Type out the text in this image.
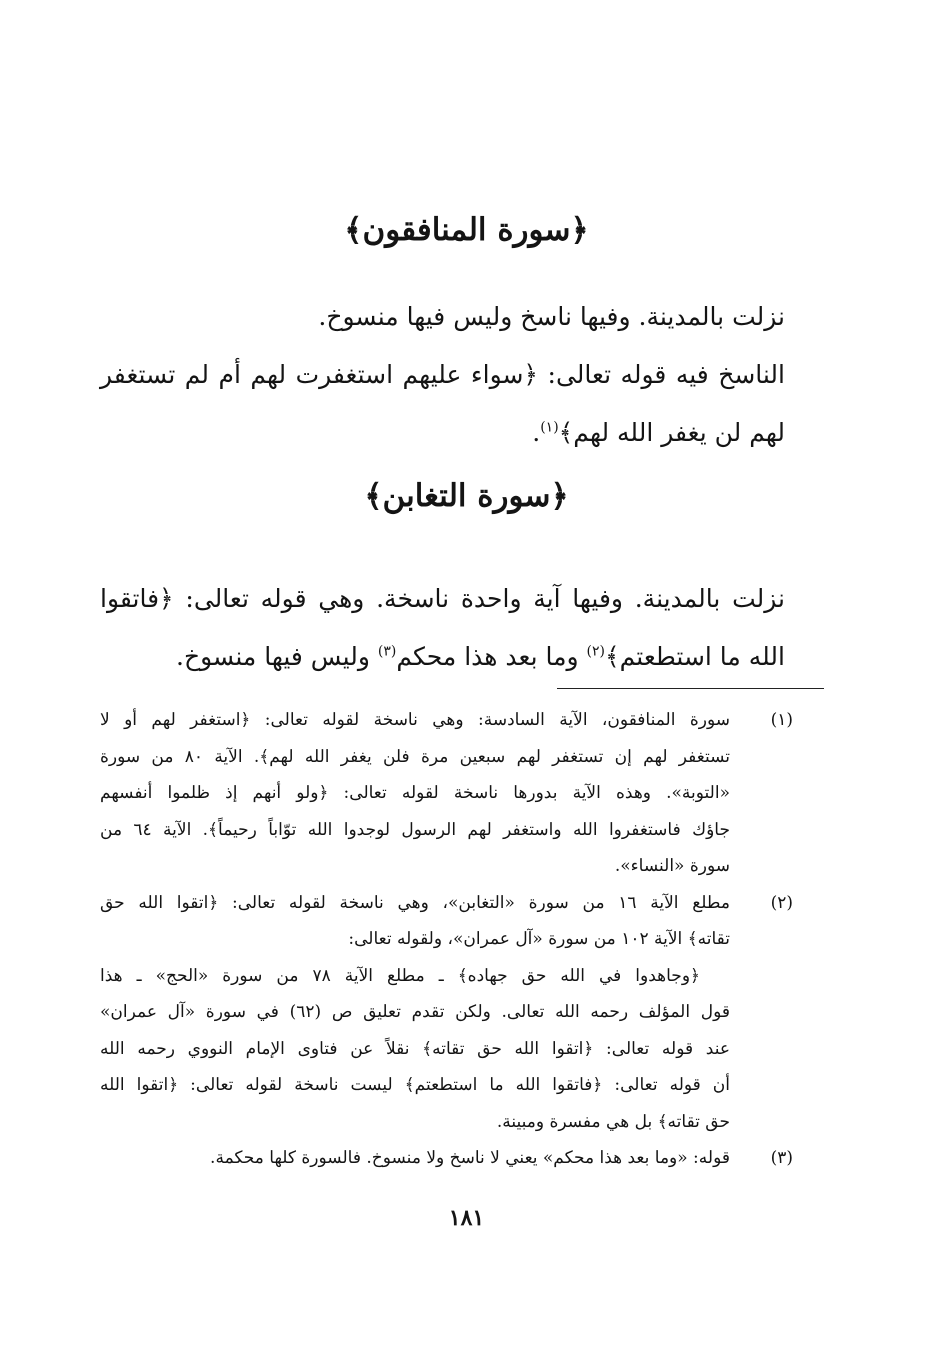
﴿سورة المنافقون﴾

نزلت بالمدينة. وفيها ناسخ وليس فيها منسوخ.

الناسخ فيه قوله تعالى: ﴿سواء عليهم استغفرت لهم أم لم تستغفر

لهم لن يغفر الله لهم﴾$^{(١)}$.

﴿سورة التغابن﴾

نزلت بالمدينة. وفيها آية واحدة ناسخة. وهي قوله تعالى: ﴿فاتقوا

الله ما استطعتم﴾$^{(٢)}$ وما بعد هذا محكم$^{(٣)}$ وليس فيها منسوخ.

(١)
سورة المنافقون، الآية السادسة: وهي ناسخة لقوله تعالى: ﴿استغفر لهم أو لا
تستغفر لهم إن تستغفر لهم سبعين مرة فلن يغفر الله لهم﴾. الآية ٨٠ من سورة
«التوبة». وهذه الآية بدورها ناسخة لقوله تعالى: ﴿ولو أنهم إذ ظلموا أنفسهم
جاؤك فاستغفروا الله واستغفر لهم الرسول لوجدوا الله توّاباً رحيماً﴾. الآية ٦٤ من
سورة «النساء».
(٢)
مطلع الآية ١٦ من سورة «التغابن»، وهي ناسخة لقوله تعالى: ﴿اتقوا الله حق
تقاته﴾ الآية ١٠٢ من سورة «آل عمران»، ولقوله تعالى:
﴿وجاهدوا في الله حق جهاده﴾ ـ مطلع الآية ٧٨ من سورة «الحج» ـ هذا
قول المؤلف رحمه الله تعالى. ولكن تقدم تعليق ص (٦٢) في سورة «آل عمران»
عند قوله تعالى: ﴿اتقوا الله حق تقاته﴾ نقلاً عن فتاوى الإمام النووي رحمه الله
أن قوله تعالى: ﴿فاتقوا الله ما استطعتم﴾ ليست ناسخة لقوله تعالى: ﴿اتقوا الله
حق تقاته﴾ بل هي مفسرة ومبينة.
(٣)
قوله: «وما بعد هذا محكم» يعني لا ناسخ ولا منسوخ. فالسورة كلها محكمة.

١٨١
